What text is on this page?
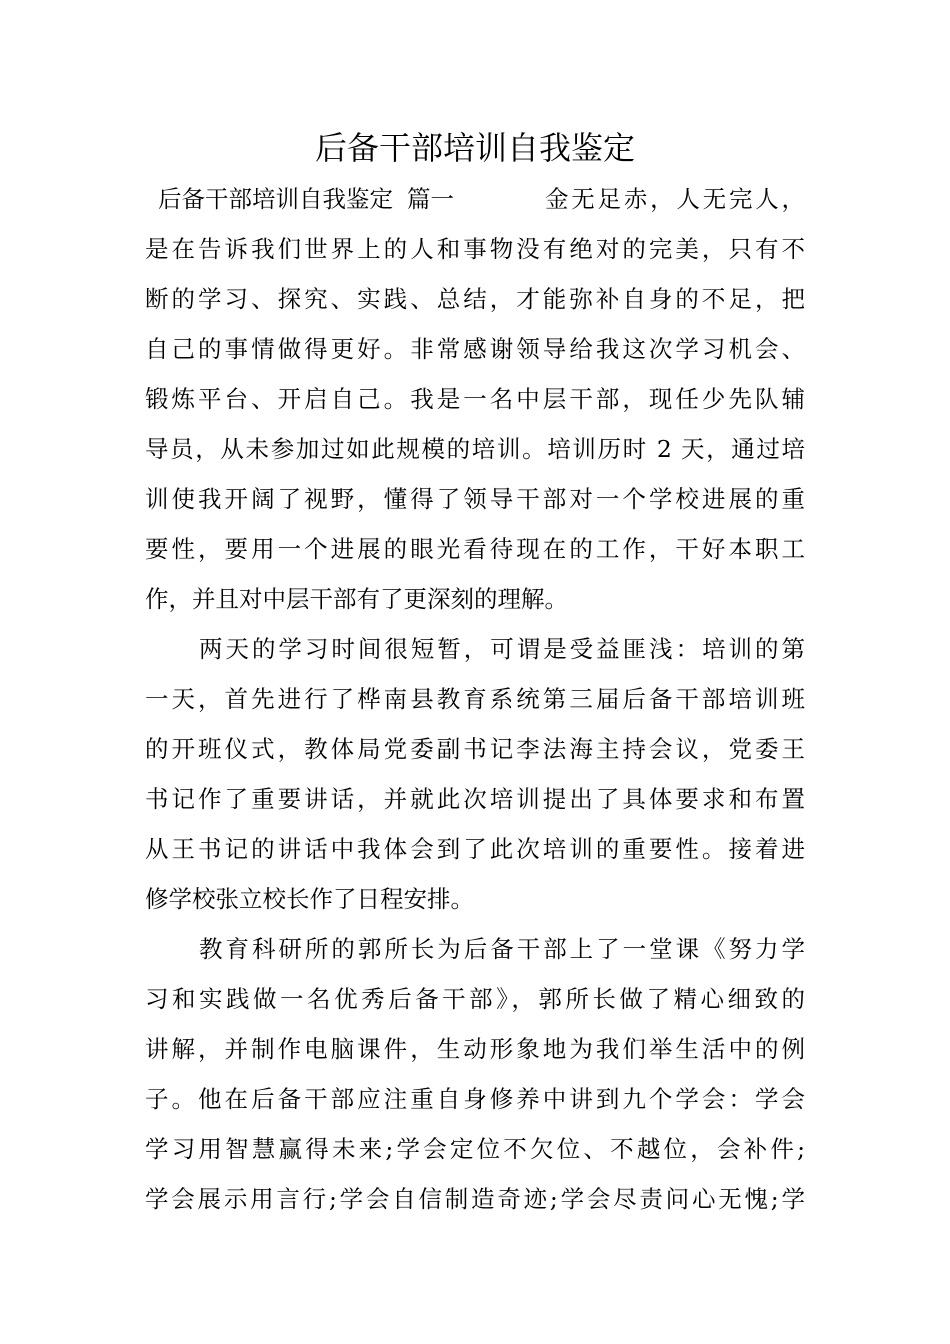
后备干部培训自我鉴定
后备干部培训自我鉴定 篇一	金无足赤，人无完人，
是在告诉我们世界上的人和事物没有绝对的完美，只有不
断的学习、探究、实践、总结，才能弥补自身的不足，把
自己的事情做得更好。非常感谢领导给我这次学习机会、
锻炼平台、开启自己。我是一名中层干部，现任少先队辅
导员，从未参加过如此规模的培训。培训历时 2 天，通过培
训使我开阔了视野，懂得了领导干部对一个学校进展的重
要性，要用一个进展的眼光看待现在的工作，干好本职工
作，并且对中层干部有了更深刻的理解。
两天的学习时间很短暂，可谓是受益匪浅：培训的第
一天，首先进行了桦南县教育系统第三届后备干部培训班
的开班仪式，教体局党委副书记李法海主持会议，党委王
书记作了重要讲话，并就此次培训提出了具体要求和布置
从王书记的讲话中我体会到了此次培训的重要性。接着进
修学校张立校长作了日程安排。
教育科研所的郭所长为后备干部上了一堂课《努力学
习和实践做一名优秀后备干部》，郭所长做了精心细致的
讲解，并制作电脑课件，生动形象地为我们举生活中的例
子。他在后备干部应注重自身修养中讲到九个学会：学会
学习用智慧赢得未来;学会定位不欠位、不越位，会补件;
学会展示用言行;学会自信制造奇迹;学会尽责问心无愧;学
